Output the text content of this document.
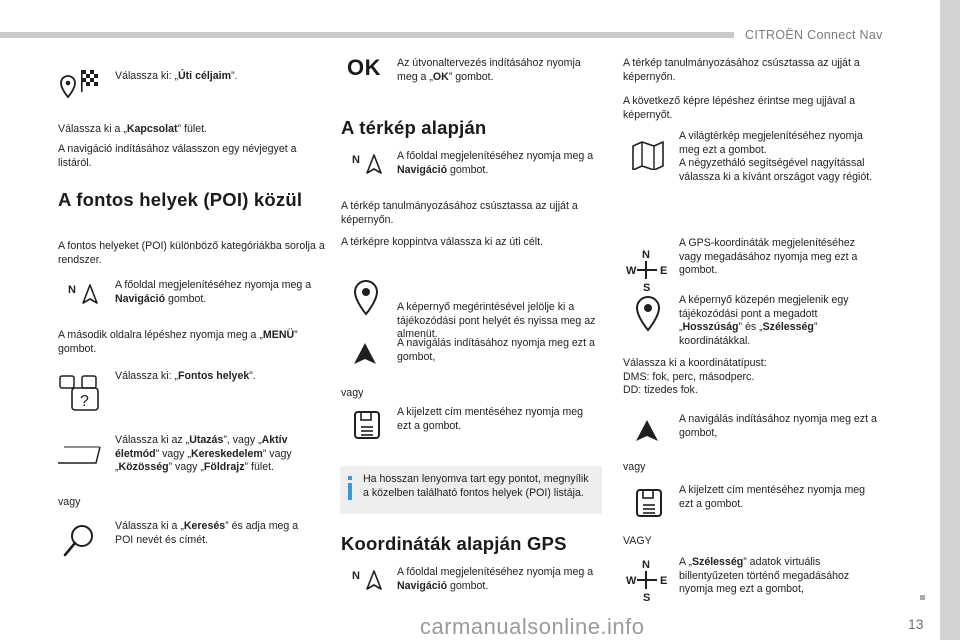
CITROËN Connect Nav
13
carmanualsonline.info
Válassza ki: „Úti céljaim”.
Válassza ki a „Kapcsolat” fület.
A navigáció indításához válasszon egy névjegyet a listáról.
A fontos helyek (POI) közül
A fontos helyeket (POI) különböző kategóriákba sorolja a rendszer.
N	A főoldal megjelenítéséhez nyomja meg a Navigáció gombot.
A második oldalra lépéshez nyomja meg a „MENÜ” gombot.
?
Válassza ki: „Fontos helyek”.
Válassza ki az „Utazás”, vagy „Aktív életmód” vagy „Kereskedelem” vagy „Közösség” vagy „Földrajz” fület.
vagy
Válassza ki a „Keresés” és adja meg a POI nevét és címét.
OK Az útvonaltervezés indításához nyomja meg a „OK” gombot.
A térkép alapján
N	A főoldal megjelenítéséhez nyomja meg a Navigáció gombot.
A térkép tanulmányozásához csúsztassa az ujját a képernyőn.
A térképre koppintva válassza ki az úti célt.
A képernyő megérintésével jelölje ki a tájékozódási pont helyét és nyissa meg az almenüt.
A navigálás indításához nyomja meg ezt a gombot,
vagy
A kijelzett cím mentéséhez nyomja meg ezt a gombot.
Ha hosszan lenyomva tart egy pontot, megnyílik a közelben található fontos helyek (POI) listája.
Koordináták alapján GPS
N	A főoldal megjelenítéséhez nyomja meg a Navigáció gombot.
A térkép tanulmányozásához csúsztassa az ujját a képernyőn.
A következő képre lépéshez érintse meg ujjával a képernyőt.
A világtérkép megjelenítéséhez nyomja meg ezt a gombot.
A négyzetháló segítségével nagyítással válassza ki a kívánt országot vagy régiót.
N
W E
S
A GPS-koordináták megjelenítéséhez vagy megadásához nyomja meg ezt a gombot.
A képernyő közepén megjelenik egy tájékozódási pont a megadott „Hosszúság” és „Szélesség” koordinátákkal.
Válassza ki a koordinátatípust:
DMS: fok, perc, másodperc.
DD: tizedes fok.
A navigálás indításához nyomja meg ezt a gombot,
vagy
A kijelzett cím mentéséhez nyomja meg ezt a gombot.
VAGY
N
W E
S
A „Szélesség” adatok virtuális billentyűzeten történő megadásához nyomja meg ezt a gombot,
